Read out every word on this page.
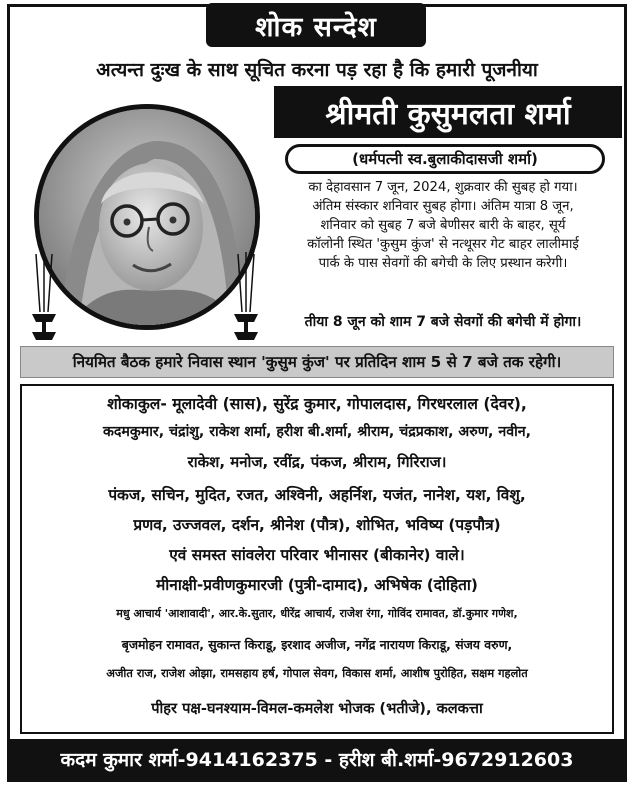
शोक सन्देश
अत्यन्त दुःख के साथ सूचित करना पड़ रहा है कि हमारी पूजनीया
श्रीमती कुसुमलता शर्मा
(धर्मपत्नी स्व.बुलाकीदासजी शर्मा)

का देहावसान 7 जून, 2024, शुक्रवार की सुबह हो गया।

अंतिम संस्कार शनिवार सुबह होगा। अंतिम यात्रा 8 जून,

शनिवार को सुबह 7 बजे बेणीसर बारी के बाहर, सूर्य

कॉलोनी स्थित 'कुसुम कुंज' से नत्थूसर गेट बाहर लालीमाई

पार्क के पास सेवगों की बगेची के लिए प्रस्थान करेगी।

तीया 8 जून को शाम 7 बजे सेवगों की बगेची में होगा।
नियमित बैठक हमारे निवास स्थान 'कुसुम कुंज' पर प्रतिदिन शाम 5 से 7 बजे तक रहेगी।
शोकाकुल- मूलादेवी (सास), सुरेंद्र कुमार, गोपालदास, गिरधरलाल (देवर),
कदमकुमार, चंद्रांशु, राकेश शर्मा, हरीश बी.शर्मा, श्रीराम, चंद्रप्रकाश, अरुण, नवीन,
राकेश, मनोज, रवींद्र, पंकज, श्रीराम, गिरिराज।
पंकज, सचिन, मुदित, रजत, अश्विनी, अहर्निश, यजंत, नानेश, यश, विशु,
प्रणव, उज्जवल, दर्शन, श्रीनेश (पौत्र), शोभित, भविष्य (पड़पौत्र)
एवं समस्त सांवलेरा परिवार भीनासर (बीकानेर) वाले।
मीनाक्षी-प्रवीणकुमारजी (पुत्री-दामाद), अभिषेक (दोहिता)
मधु आचार्य 'आशावादी', आर.के.सुतार, धीरेंद्र आचार्य, राजेश रंगा, गोविंद रामावत, डॉ.कुमार गणेश,
बृजमोहन रामावत, सुकान्त किराडू, इरशाद अजीज, नगेंद्र नारायण किराडू, संजय वरुण,
अजीत राज, राजेश ओझा, रामसहाय हर्ष, गोपाल सेवग, विकास शर्मा, आशीष पुरोहित, सक्षम गहलोत
पीहर पक्ष-घनश्याम-विमल-कमलेश भोजक (भतीजे), कलकत्ता
कदम कुमार शर्मा-9414162375 - हरीश बी.शर्मा-9672912603
